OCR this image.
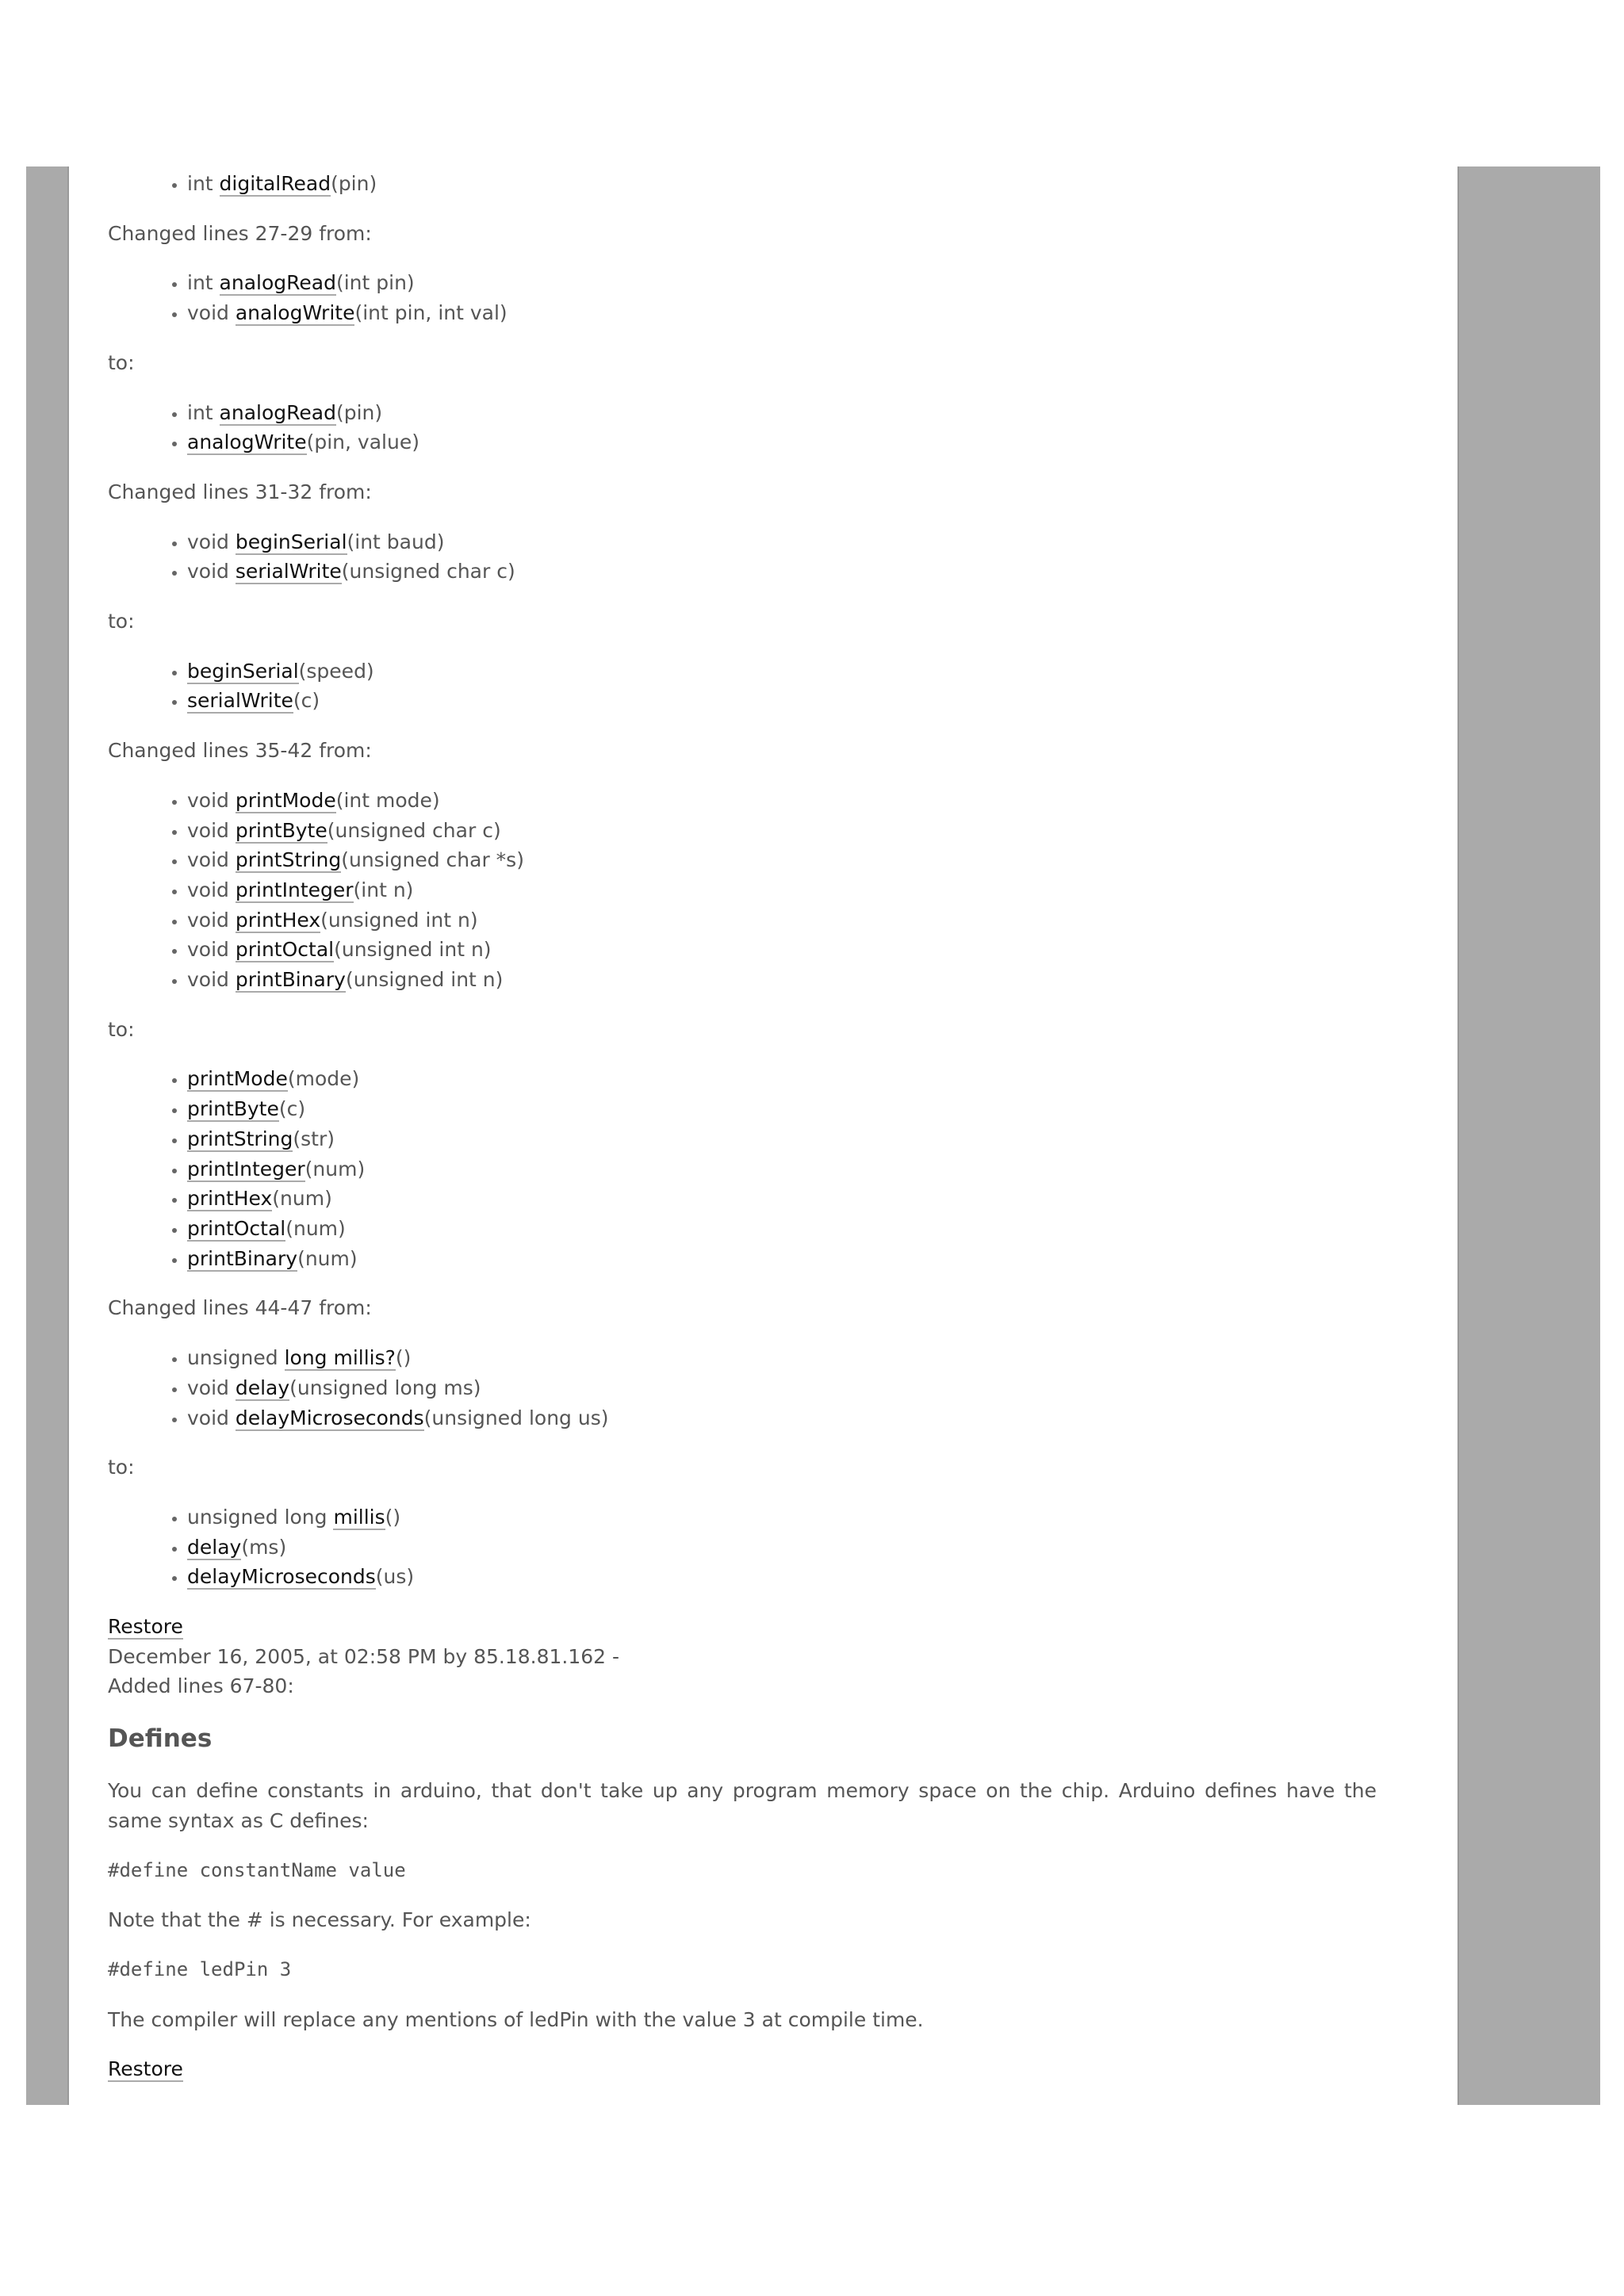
• int digitalRead(pin)

Changed lines 27-29 from:

• int analogRead(int pin)
• void analogWrite(int pin, int val)

to:

• int analogRead(pin)
• analogWrite(pin, value)

Changed lines 31-32 from:

• void beginSerial(int baud)
• void serialWrite(unsigned char c)

to:

• beginSerial(speed)
• serialWrite(c)

Changed lines 35-42 from:

• void printMode(int mode)
• void printByte(unsigned char c)
• void printString(unsigned char *s)
• void printInteger(int n)
• void printHex(unsigned int n)
• void printOctal(unsigned int n)
• void printBinary(unsigned int n)

to:

• printMode(mode)
• printByte(c)
• printString(str)
• printInteger(num)
• printHex(num)
• printOctal(num)
• printBinary(num)

Changed lines 44-47 from:

• unsigned long millis?()
• void delay(unsigned long ms)
• void delayMicroseconds(unsigned long us)

to:

• unsigned long millis()
• delay(ms)
• delayMicroseconds(us)

Restore

December 16, 2005, at 02:58 PM by 85.18.81.162 -

Added lines 67-80:

Defines

You can define constants in arduino, that don't take up any program memory space on the chip. Arduino defines have the same syntax as C defines:

#define constantName value

Note that the # is necessary. For example:

#define ledPin 3

The compiler will replace any mentions of ledPin with the value 3 at compile time.

Restore
